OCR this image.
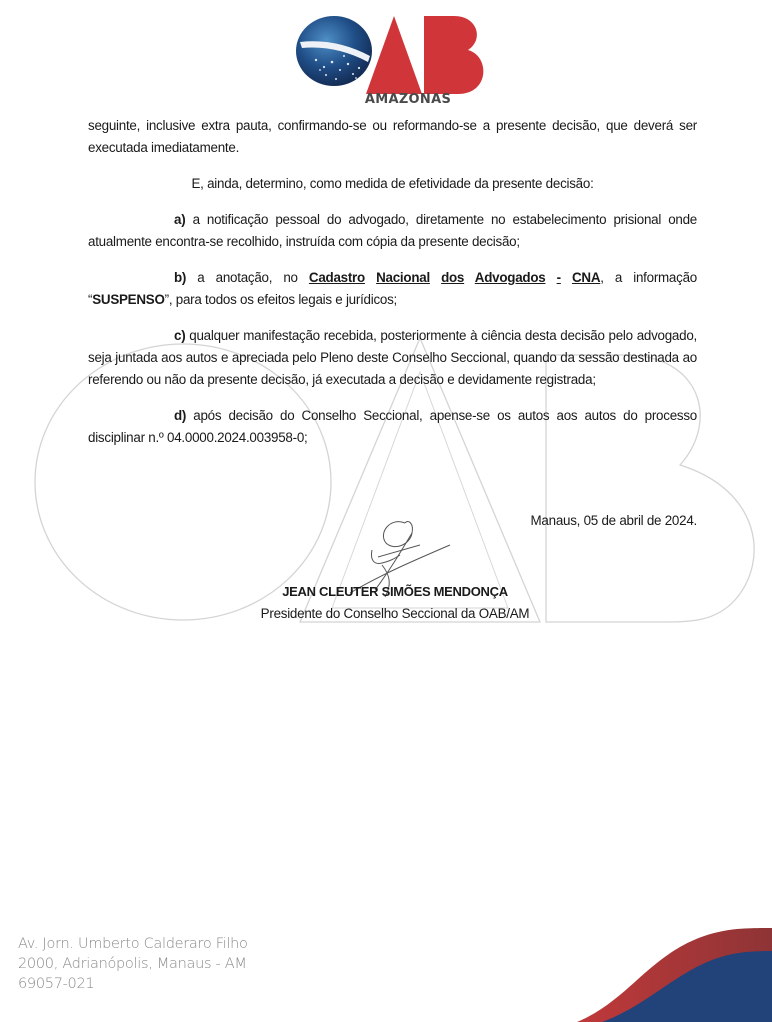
AMAZONAS

seguinte, inclusive extra pauta, confirmando-se ou reformando-se a presente decisão, que deverá ser executada imediatamente.

E, ainda, determino, como medida de efetividade da presente decisão:

a) a notificação pessoal do advogado, diretamente no estabelecimento prisional onde atualmente encontra-se recolhido, instruída com cópia da presente decisão;

b) a anotação, no Cadastro Nacional dos Advogados - CNA, a informação “SUSPENSO”, para todos os efeitos legais e jurídicos;

c) qualquer manifestação recebida, posteriormente à ciência desta decisão pelo advogado, seja juntada aos autos e apreciada pelo Pleno deste Conselho Seccional, quando da sessão destinada ao referendo ou não da presente decisão, já executada a decisão e devidamente registrada;

d) após decisão do Conselho Seccional, apense-se os autos aos autos do processo disciplinar n.º 04.0000.2024.003958-0;

Manaus, 05 de abril de 2024.
JEAN CLEUTER SIMÕES MENDONÇA
Presidente do Conselho Seccional da OAB/AM
Av. Jorn. Umberto Calderaro Filho
2000, Adrianópolis, Manaus - AM
69057-021
